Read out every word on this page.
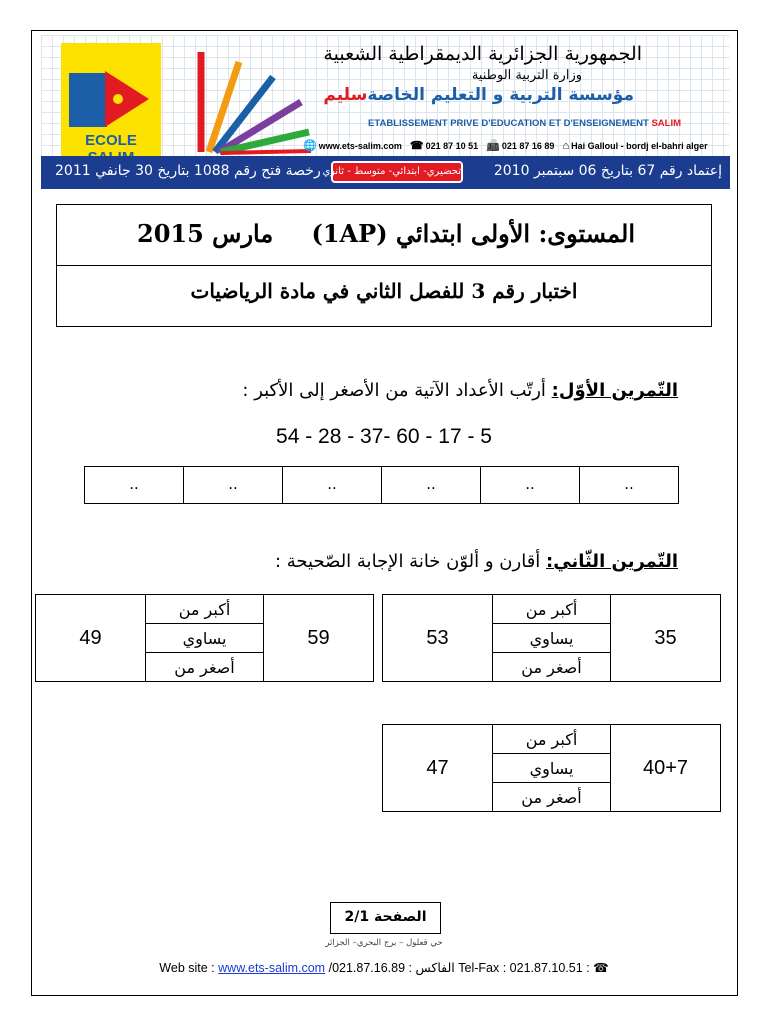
ECOLE
الجمهورية الجزائرية الديمقراطية الشعبية
وزارة التربية الوطنية
مؤسسة التربية و التعليم الخاصةسليم
ETABLISSEMENT PRIVE D'EDUCATION ET D'ENSEIGNEMENT SALIM
🌐 www.ets-salim.com ☎ 021 87 10 51 📠 021 87 16 89 ⌂ Hai Galloul - bordj el-bahri alger
إعتماد رقم 67 بتاريخ 06 سبتمبر 2010
تحضيري- ابتدائي- متوسط - ثانوي
رخصة فتح رقم 1088 بتاريخ 30 جانفي 2011
المستوى: الأولى ابتدائي (1AP)
مارس 2015
اختبار رقم 3 للفصل الثاني في مادة الرياضيات
التّمرين الأوّل: أرتّب الأعداد الآتية من الأصغر إلى الأكبر :
54 - 28 - 37- 60 - 17 - 5
..	..	..	..	..	..
التّمرين الثّاني: أقارن و ألوّن خانة الإجابة الصّحيحة :
49	أكبر من	59
يساوي
أصغر من
53	أكبر من	35
يساوي
أصغر من
47	أكبر من	40+7
يساوي
أصغر من
الصفحة 2/1
حي قعلول – برج البحري– الجزائر
Web site : www.ets-salim.com /021.87.16.89 : الفاكس Tel-Fax : 021.87.10.51 : ☎
